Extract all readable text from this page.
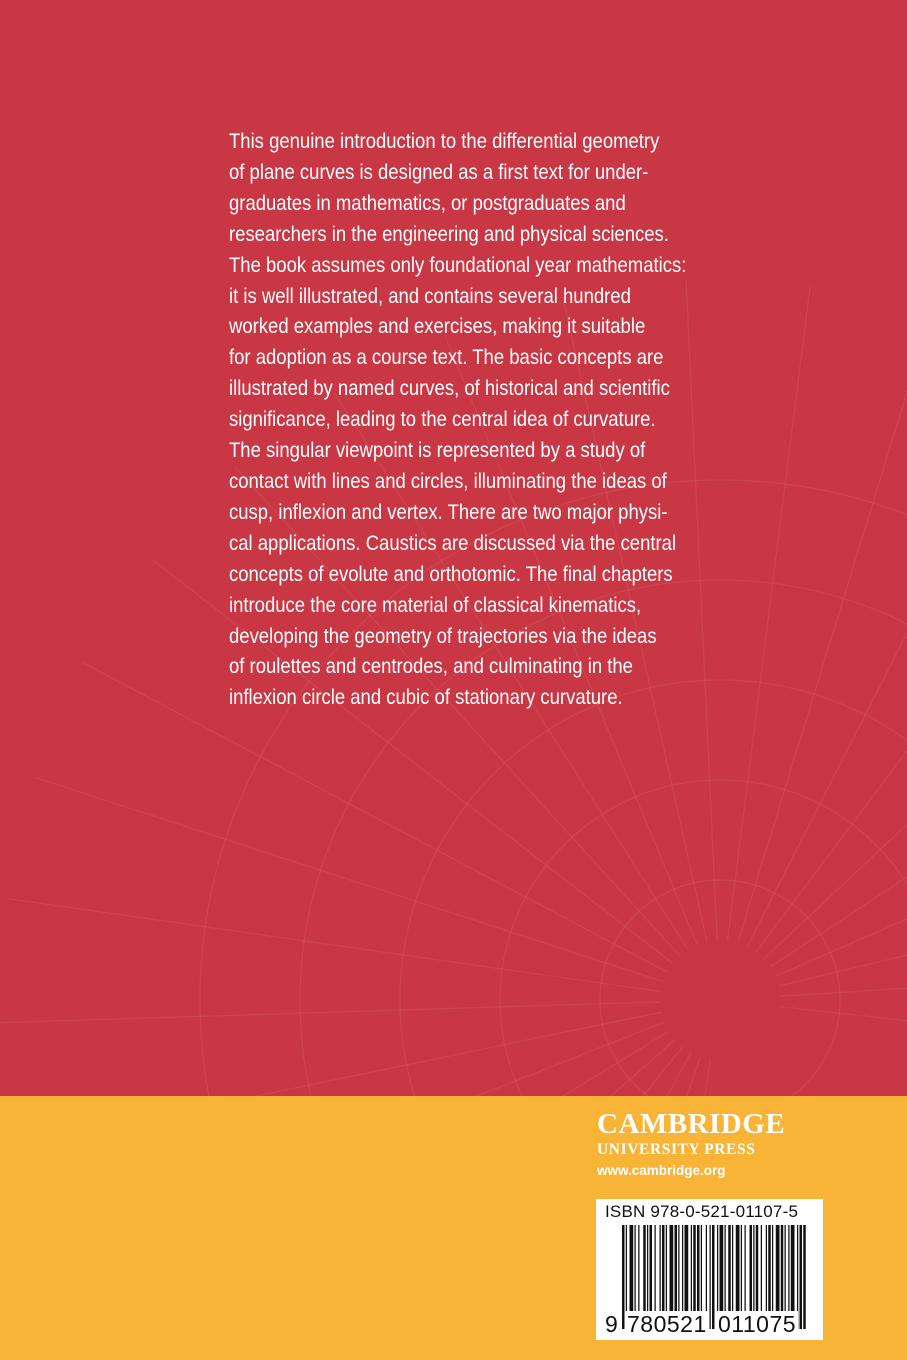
This genuine introduction to the differential geometry
of plane curves is designed as a first text for under-
graduates in mathematics, or postgraduates and
researchers in the engineering and physical sciences.
The book assumes only foundational year mathematics:
it is well illustrated, and contains several hundred
worked examples and exercises, making it suitable
for adoption as a course text. The basic concepts are
illustrated by named curves, of historical and scientific
significance, leading to the central idea of curvature.
The singular viewpoint is represented by a study of
contact with lines and circles, illuminating the ideas of
cusp, inflexion and vertex. There are two major physi-
cal applications. Caustics are discussed via the central
concepts of evolute and orthotomic. The final chapters
introduce the core material of classical kinematics,
developing the geometry of trajectories via the ideas
of roulettes and centrodes, and culminating in the
inflexion circle and cubic of stationary curvature.
CAMBRIDGE
UNIVERSITY PRESS
www.cambridge.org
ISBN 978-0-521-01107-5
9 780521 011075
